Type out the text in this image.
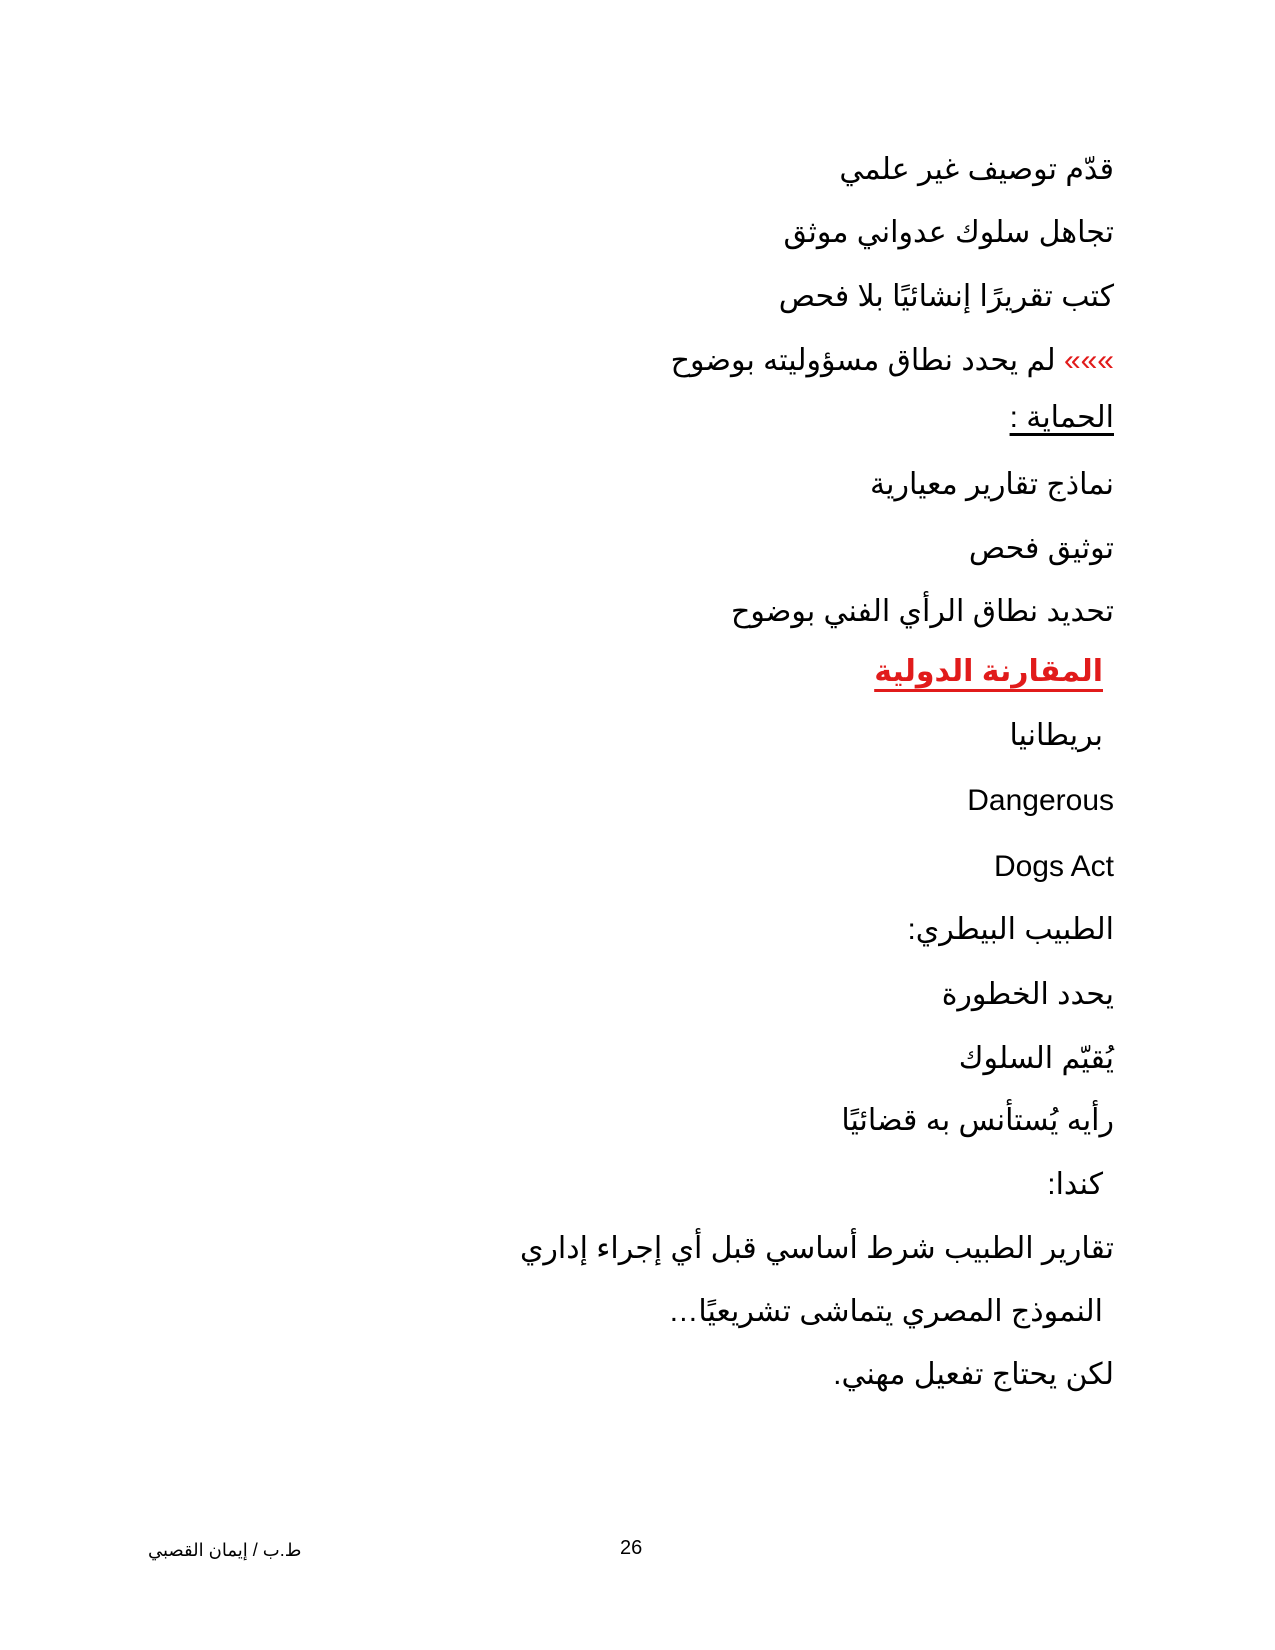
قدّم توصيف غير علمي
تجاهل سلوك عدواني موثق
كتب تقريرًا إنشائيًا بلا فحص
»»» لم يحدد نطاق مسؤوليته بوضوح
الحماية :
نماذج تقارير معيارية
توثيق فحص
تحديد نطاق الرأي الفني بوضوح
المقارنة الدولية
بريطانيا
Dangerous
Dogs Act
الطبيب البيطري:
يحدد الخطورة
يُقيّم السلوك
رأيه يُستأنس به قضائيًا
كندا:
تقارير الطبيب شرط أساسي قبل أي إجراء إداري
النموذج المصري يتماشى تشريعيًا…
لكن يحتاج تفعيل مهني.
ط.ب / إيمان القصبي	26
